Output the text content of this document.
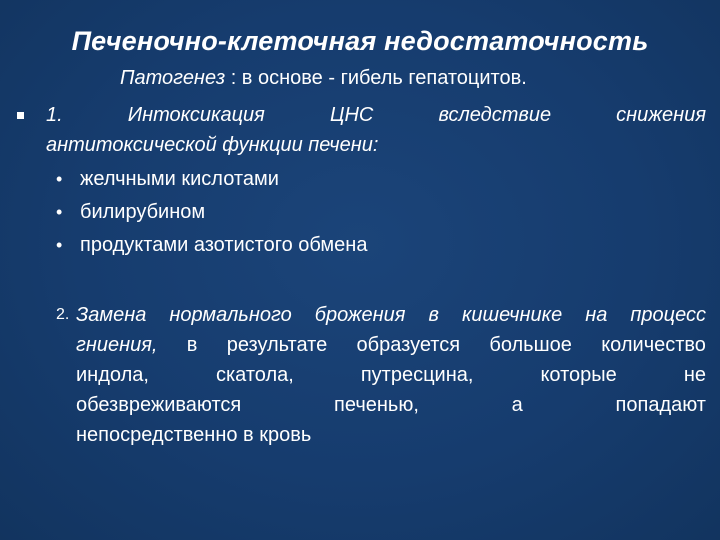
Печеночно-клеточная недостаточность
Патогенез : в основе - гибель гепатоцитов.
1.	Интоксикация	ЦНС	вследствие	снижения
антитоксической функции печени:
• желчными кислотами
• билирубином
• продуктами азотистого обмена
2. Замена нормального брожения в кишечнике на процесс
гниения, в результате образуется большое количество
индола,	скатола,	путресцина,	которые	не
обезвреживаются	печенью,	а	попадают
непосредственно в кровь
